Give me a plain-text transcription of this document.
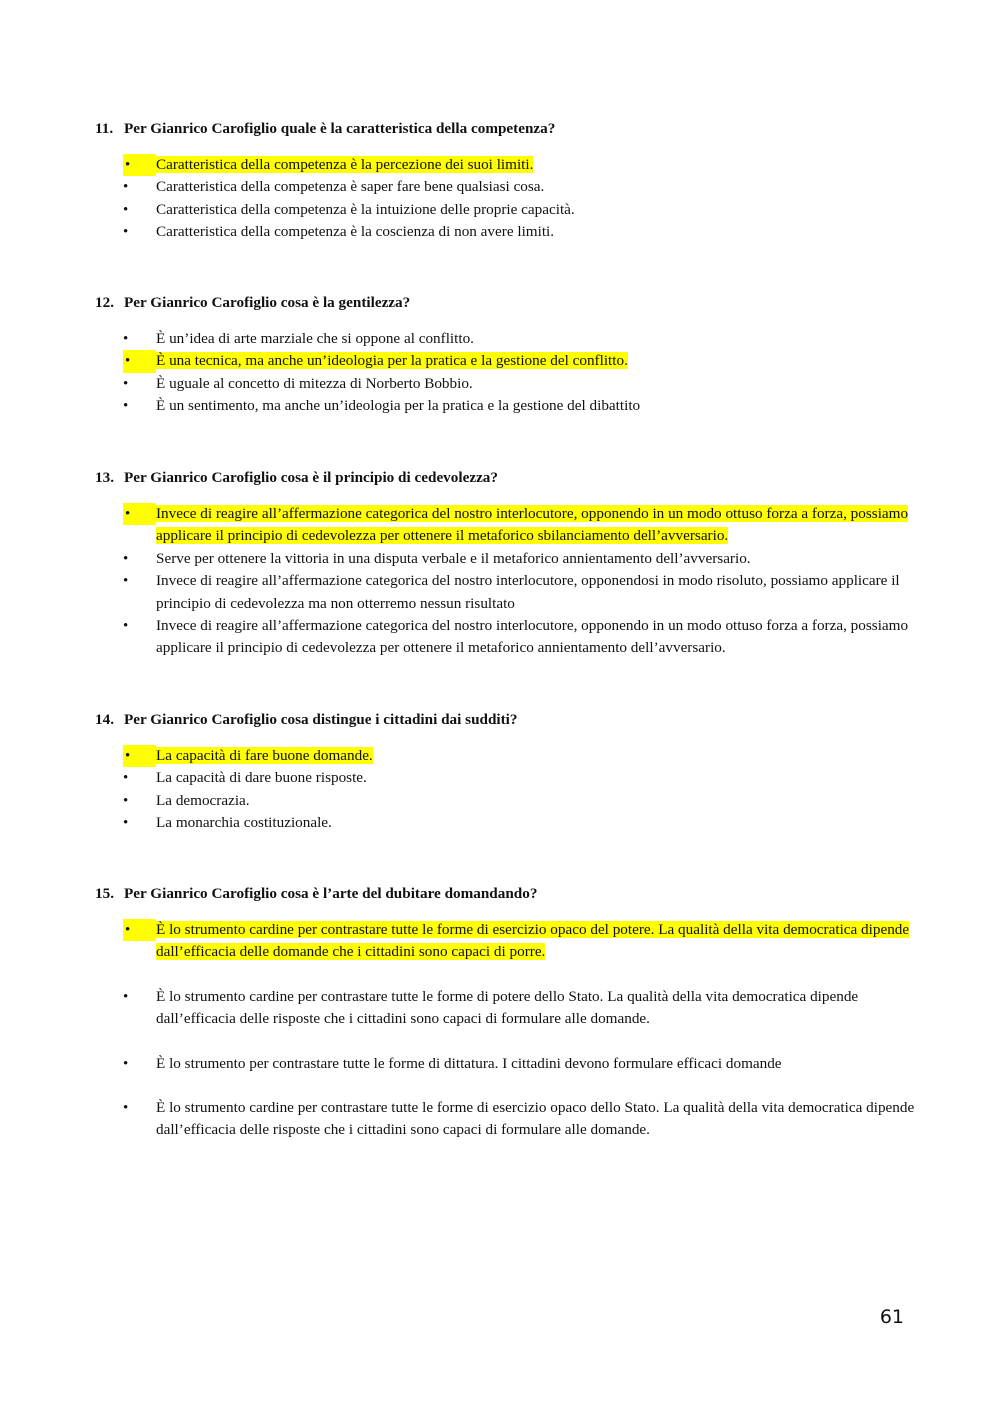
11. Per Gianrico Carofiglio quale è la caratteristica della competenza?
•	Caratteristica della competenza è la percezione dei suoi limiti.
•	Caratteristica della competenza è saper fare bene qualsiasi cosa.
•	Caratteristica della competenza è la intuizione delle proprie capacità.
•	Caratteristica della competenza è la coscienza di non avere limiti.
12. Per Gianrico Carofiglio cosa è la gentilezza?
•	È un’idea di arte marziale che si oppone al conflitto.
•	È una tecnica, ma anche un’ideologia per la pratica e la gestione del conflitto.
•	È uguale al concetto di mitezza di Norberto Bobbio.
•	È un sentimento, ma anche un’ideologia per la pratica e la gestione del dibattito
13. Per Gianrico Carofiglio cosa è il principio di cedevolezza?
•	Invece di reagire all’affermazione categorica del nostro interlocutore, opponendo in un modo ottuso forza a forza, possiamo applicare il principio di cedevolezza per ottenere il metaforico sbilanciamento dell’avversario.
•	Serve per ottenere la vittoria in una disputa verbale e il metaforico annientamento dell’avversario.
•	Invece di reagire all’affermazione categorica del nostro interlocutore, opponendosi in modo risoluto, possiamo applicare il principio di cedevolezza ma non otterremo nessun risultato
•	Invece di reagire all’affermazione categorica del nostro interlocutore, opponendo in un modo ottuso forza a forza, possiamo applicare il principio di cedevolezza per ottenere il metaforico annientamento dell’avversario.
14. Per Gianrico Carofiglio cosa distingue i cittadini dai sudditi?
•	La capacità di fare buone domande.
•	La capacità di dare buone risposte.
•	La democrazia.
•	La monarchia costituzionale.
15. Per Gianrico Carofiglio cosa è l’arte del dubitare domandando?
•	È lo strumento cardine per contrastare tutte le forme di esercizio opaco del potere. La qualità della vita democratica dipende dall’efficacia delle domande che i cittadini sono capaci di porre.
•	È lo strumento cardine per contrastare tutte le forme di potere dello Stato. La qualità della vita democratica dipende dall’efficacia delle risposte che i cittadini sono capaci di formulare alle domande.
•	È lo strumento per contrastare tutte le forme di dittatura. I cittadini devono formulare efficaci domande
•	È lo strumento cardine per contrastare tutte le forme di esercizio opaco dello Stato. La qualità della vita democratica dipende dall’efficacia delle risposte che i cittadini sono capaci di formulare alle domande.
61
